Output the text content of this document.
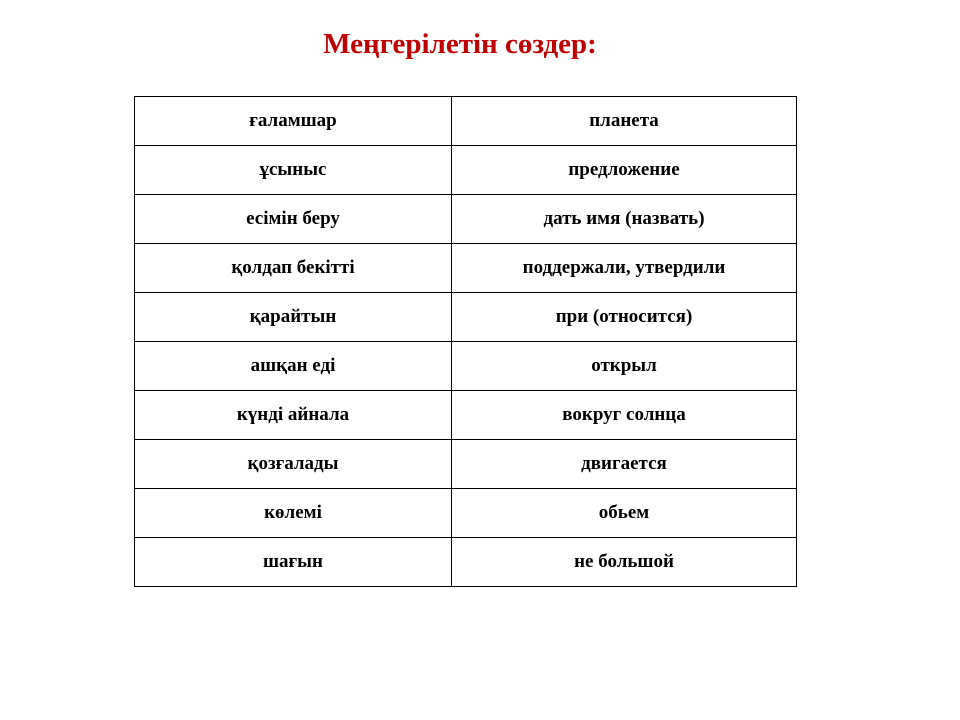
Меңгерілетін сөздер:
ғаламшар	планета
ұсыныс	предложение
есімін беру	дать имя (назвать)
қолдап бекітті	поддержали, утвердили
қарайтын	при (относится)
ашқан еді	открыл
күнді айнала	вокруг солнца
қозғалады	двигается
көлемі	обьем
шағын	не большой
